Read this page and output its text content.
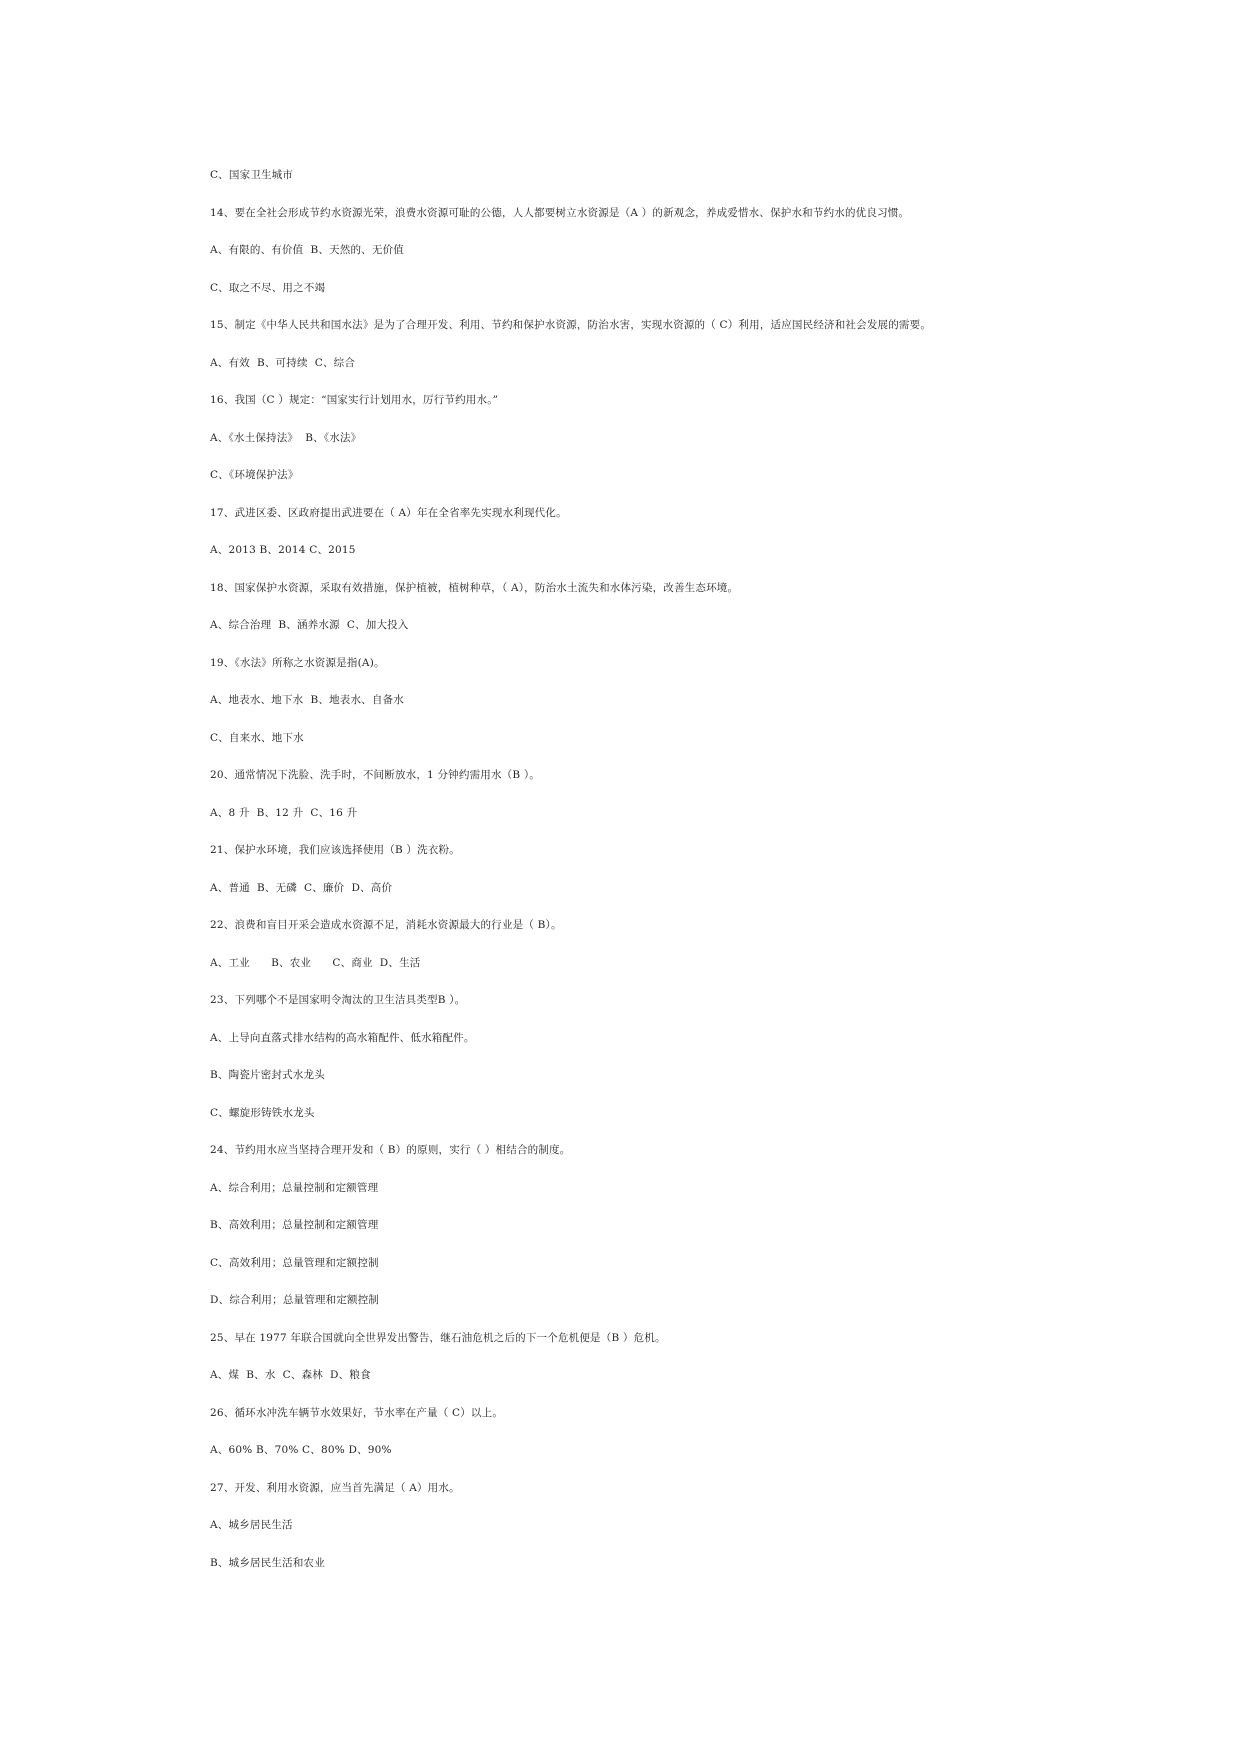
C、国家卫生城市
14、要在全社会形成节约水资源光荣，浪费水资源可耻的公德，人人都要树立水资源是（A ）的新观念，养成爱惜水、保护水和节约水的优良习惯。
A、有限的、有价值  B、天然的、无价值
C、取之不尽、用之不竭
15、制定《中华人民共和国水法》是为了合理开发、利用、节约和保护水资源，防治水害，实现水资源的（ C）利用，适应国民经济和社会发展的需要。
A、有效  B、可持续  C、综合
16、我国（C ）规定：“国家实行计划用水，厉行节约用水。”
A、《水土保持法》  B、《水法》
C、《环境保护法》
17、武进区委、区政府提出武进要在（ A）年在全省率先实现水利现代化。
A、2013 B、2014 C、2015
18、国家保护水资源，采取有效措施，保护植被，植树种草，（ A），防治水土流失和水体污染，改善生态环境。
A、综合治理  B、涵养水源  C、加大投入
19、《水法》所称之水资源是指(A)。
A、地表水、地下水  B、地表水、自备水
C、自来水、地下水
20、通常情况下洗脸、洗手时，不间断放水，1 分钟约需用水（B ）。
A、8 升  B、12 升  C、16 升
21、保护水环境，我们应该选择使用（B ）洗衣粉。
A、普通  B、无磷  C、廉价  D、高价
22、浪费和盲目开采会造成水资源不足，消耗水资源最大的行业是（ B）。
A、工业      B、农业      C、商业  D、生活
23、下列哪个不是国家明令淘汰的卫生洁具类型B ）。
A、上导向直落式排水结构的高水箱配件、低水箱配件。
B、陶瓷片密封式水龙头
C、螺旋形铸铁水龙头
24、节约用水应当坚持合理开发和（ B）的原则，实行（ ）相结合的制度。
A、综合利用；总量控制和定额管理
B、高效利用；总量控制和定额管理
C、高效利用；总量管理和定额控制
D、综合利用；总量管理和定额控制
25、早在 1977 年联合国就向全世界发出警告，继石油危机之后的下一个危机便是（B ）危机。
A、煤  B、水  C、森林  D、粮食
26、循环水冲洗车辆节水效果好，节水率在产量（ C）以上。
A、60% B、70% C、80% D、90%
27、开发、利用水资源，应当首先满足（ A）用水。
A、城乡居民生活
B、城乡居民生活和农业
